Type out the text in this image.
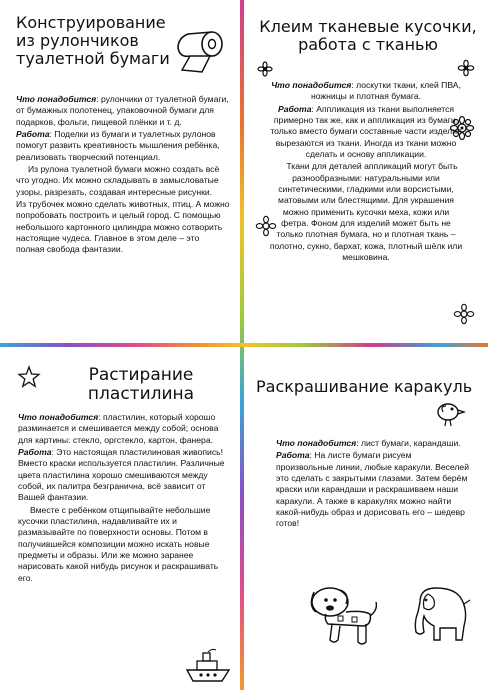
Конструирование из рулончиков туалетной бумаги

Что понадобится: рулончики от туалетной бумаги, от бумажных полотенец, упаковочной бумаги для подарков, фольги, пищевой плёнки и т. д.

Работа: Поделки из бумаги и туалетных рулонов помогут развить креативность мышления ребёнка, реализовать творческий потенциал.

Из рулона туалетной бумаги можно создать всё что угодно. Их можно складывать в замысловатые узоры, разрезать, создавая интересные рисунки.

Из трубочек можно сделать животных, птиц. А можно попробовать построить и целый город. С помощью небольшого картонного цилиндра можно сотворить настоящие чудеса. Главное в этом деле – это полная свобода фантазии.

Клеим тканевые кусочки, работа с тканью

Что понадобится: лоскутки ткани, клей ПВА, ножницы и плотная бумага.

Работа: Аппликация из ткани выполняется примерно так же, как и аппликация из бумаги, только вместо бумаги составные части изделия вырезаются из ткани. Иногда из ткани можно сделать и основу аппликации.

Ткани для деталей аппликаций могут быть разнообразными: натуральными или синтетическими, гладкими или ворсистыми, матовыми или блестящими. Для украшения можно применить кусочки меха, кожи или фетра. Фоном для изделий может быть не только плотная бумага, но и плотная ткань – полотно, сукно, бархат, кожа, плотный шёлк или мешковина.

Растирание пластилина

Что понадобится: пластилин, который хорошо разминается и смешивается между собой; основа для картины: стекло, оргстекло, картон, фанера.

Работа: Это настоящая пластилиновая живопись! Вместо краски используется пластилин. Различные цвета пластилина хорошо смешиваются между собой, их палитра безгранична, всё зависит от Вашей фантазии.

Вместе с ребёнком отщипывайте небольшие кусочки пластилина, надавливайте их и размазывайте по поверхности основы. Потом в получившейся композиции можно искать новые предметы и образы. Или же можно заранее нарисовать какой нибудь рисунок и раскрашивать его.

Раскрашивание каракуль

Что понадобится: лист бумаги, карандаши.

Работа: На листе бумаги рисуем произвольные линии, любые каракули. Веселей это сделать с закрытыми глазами. Затем берём краски или карандаши и раскрашиваем наши каракули. А также в каракулях можно найти какой-нибудь образ и дорисовать его – шедевр готов!
